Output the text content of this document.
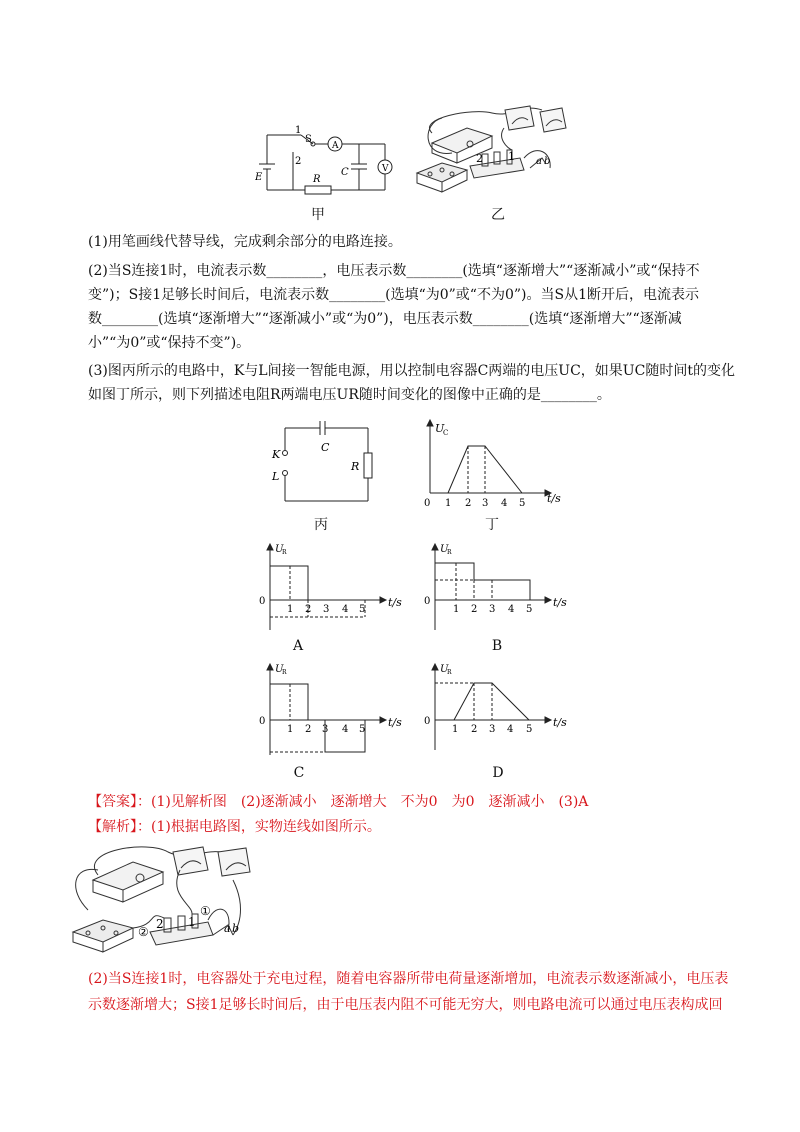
1
S
2
A
V
E	R
C
甲
2 1 a b
乙
(1)用笔画线代替导线，完成剩余部分的电路连接。
(2)当S连接1时，电流表示数________，电压表示数________(选填“逐渐增大”“逐渐减小”或“保持不
变”)；S接1足够长时间后，电流表示数________(选填“为0”或“不为0”)。当S从1断开后，电流表示
数________(选填“逐渐增大”“逐渐减小”或“为0”)，电压表示数________(选填“逐渐增大”“逐渐减
小”“为0”或“保持不变”)。
(3)图丙所示的电路中，K与L间接一智能电源，用以控制电容器C两端的电压UC，如果UC随时间t的变化
如图丁所示，则下列描述电阻R两端电压UR随时间变化的图像中正确的是________。
K
L
C
R
丙
U
C
0 1 2 3 4 5 t/s
丁
U
R
0
1 2 3 4 5
t/s
A
U
R
0
1 2 3 4 5
t/s
B
U
R
0
1 2 3 4 5
t/s
C
U
R
0
1 2 3 4 5
t/s
D
【答案】：(1)见解析图　(2)逐渐减小　逐渐增大　不为0　为0　逐渐减小　(3)A
【解析】：(1)根据电路图，实物连线如图所示。
2 1
①
②	a b
(2)当S连接1时，电容器处于充电过程，随着电容器所带电荷量逐渐增加，电流表示数逐渐减小，电压表
示数逐渐增大；S接1足够长时间后，由于电压表内阻不可能无穷大，则电路电流可以通过电压表构成回
